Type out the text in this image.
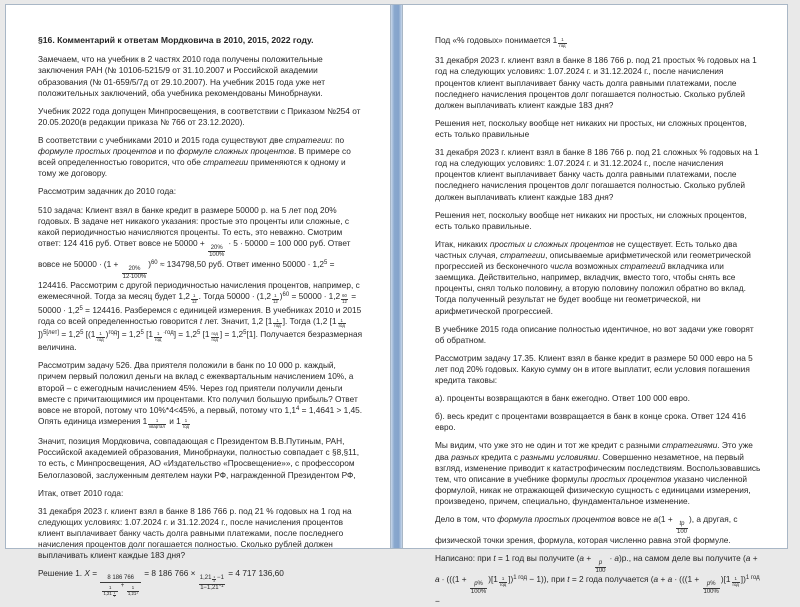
§16. Комментарий к ответам Мордковича в 2010, 2015, 2022 году.

Замечаем, что на учебник в 2 частях 2010 года получены положительные заключения РАН (№ 10106-5215/9 от 31.10.2007 и Российской академии образования (№ 01-659/5/7д от 29.10.2007). На учебник 2015 года уже нет положительных заключений, оба учебника рекомендованы Минобрнауки.

Учебник 2022 года допущен Минпросвещения, в соответствии с Приказом №254 от 20.05.2020(в редакции приказа № 766 от 23.12.2020).

В соответствии с учебниками 2010 и 2015 года существуют две стратегии: по формуле простых процентов и по формуле сложных процентов. В примере со всей определенностью говорится, что обе стратегии применяются к одному и тому же договору.

Рассмотрим задачник до 2010 года:

510 задача: Клиент взял в банке кредит в размере 50000 р. на 5 лет под 20% годовых. В задаче нет никакого указания: простые это проценты или сложные, с какой периодичностью начисляются проценты. То есть, это неважно. Смотрим ответ: 124 416 руб. Ответ вовсе не 50000 +
$\frac{20\%}{100\%}$
∙ 5 ∙ 50000 = 100 000 руб. Ответ вовсе не 50000 ∙ (1 +
$\frac{20\%}{12\cdot 100\%}$
)$^{60}$ ≈ 134798,50 руб. Ответ именно $50000 \cdot 1,2^5 = 124416$. Рассмотрим с другой периодичностью начисления процентов, например, с ежемесячной. Тогда за месяц будет 1,2 $^{\frac{1}{12}}$ . Тогда 50000 ∙ (1,2 $^{\frac{1}{12}}$ )$^{60}$ = 50000 ∙ 1,2 $^{\frac{60}{12}} = 50000 \cdot 1,2^5 = 124416$. Разберемся с единицей измерения. В учебниках 2010 и 2015 года со всей определенностью говорится t лет. Значит, 1,2 [1 $^{\frac{1}{\text{год}}}$ ]. Тогда (1,2 [1 $^{\frac{1}{\text{год}}}$
])$^{5[лет]} = 1,2^5$ [(1 $^{\frac{1}{\text{год}}}$ )$^{год}] = 1,2^5$ [1 $^{\frac{1}{\text{год}} \cdot год}] = 1,2^5$ [1 $^{\frac{\text{год}}{\text{год}}}$ ] = $1,2^5[1]$. Получается безразмерная величина.

Рассмотрим задачу 526. Два приятеля положили в банк по 10 000 р. каждый, причем первый положил деньги на вклад с ежеквартальным начислением 10%, а второй – с ежегодным начислением 45%. Через год приятели получили деньги вместе с причитающимися им процентами. Кто получил большую прибыль? Ответ вовсе не второй, потому что 10%*4<45%, а первый, потому что $1,1^4 = 1,4641 > 1,45$. Опять единица измерения 1 $^{\frac{1}{\text{квартал}}}$ и 1 $^{\frac{1}{\text{год}}}$

Значит, позиция Мордковича, совпадающая с Президентом В.В.Путиным, РАН, Российской академией образования, Минобрнауки, полностью совпадает с §8,§11, то есть, с Минпросвещения, АО «Издательство «Просвещение»», с профессором Белоглазовой, заслуженным деятелем науки РФ, награжденной Президентом РФ,

Итак, ответ 2010 года:

31 декабря 2023 г. клиент взял в банке 8 186 766 р. под 21 % годовых на 1 год на следующих условиях: 1.07.2024 г. и 31.12.2024 г., после начисления процентов клиент выплачивает банку часть долга равными платежами, после последнего начисления процентов долг погашается полностью. Сколько рублей должен выплачивать клиент каждые 183 дня?

Решение 1. X =
8 186 766
1
1,21 $^{\frac{1}{2}}$
+
$\frac{1}{1,21^1}$
= 8 186 766 ×
1,21 $^{\frac{1}{2}}$ −1
$1-1,21^{-1}$
= 4 717 136,60

Под «% годовых» понимается 1 $^{\frac{1}{\text{год}}}$

31 декабря 2023 г. клиент взял в банке 8 186 766 р. под 21 простых % годовых на 1 год на следующих условиях: 1.07.2024 г. и 31.12.2024 г., после начисления процентов клиент выплачивает банку часть долга равными платежами, после последнего начисления процентов долг погашается полностью. Сколько рублей должен выплачивать клиент каждые 183 дня?

Решения нет, поскольку вообще нет никаких ни простых, ни сложных процентов, есть только правильные

31 декабря 2023 г. клиент взял в банке 8 186 766 р. под 21 сложных % годовых на 1 год на следующих условиях: 1.07.2024 г. и 31.12.2024 г., после начисления процентов клиент выплачивает банку часть долга равными платежами, после последнего начисления процентов долг погашается полностью. Сколько рублей должен выплачивать клиент каждые 183 дня?

Решения нет, поскольку вообще нет никаких ни простых, ни сложных процентов, есть только правильные.

Итак, никаких простых и сложных процентов не существует. Есть только два частных случая, стратегии, описываемые арифметической или геометрической прогрессией из бесконечного числа возможных стратегий вкладчика или заемщика. Действительно, например, вкладчик, вместо того, чтобы снять все проценты, снял только половину, а вторую половину положил обратно во вклад. Тогда полученный результат не будет вообще ни геометрической, ни арифметической прогрессией.

В учебнике 2015 года описание полностью идентичное, но вот задачи уже говорят об обратном.

Рассмотрим задачу 17.35. Клиент взял в банке кредит в размере 50 000 евро на 5 лет под 20% годовых. Какую сумму он в итоге выплатит, если условия погашения кредита таковы:

а). проценты возвращаются в банк ежегодно. Ответ 100 000 евро.

б). весь кредит с процентами возвращается в банк в конце срока. Ответ 124 416 евро.

Мы видим, что уже это не один и тот же кредит с разными стратегиями. Это уже два разных кредита с разными условиями. Совершенно незаметное, на первый взгляд, изменение приводит к катастрофическим последствиям. Воспользовавшись тем, что описание в учебнике формулы простых процентов указано численной формулой, никак не отражающей физическую сущность с единицами измерения, произведено, причем, специально, фундаментальное изменение.

Дело в том, что формула простых процентов вовсе не a(1 +
$\frac{tp}{100}$
), а другая, с физической точки зрения, формула, которая численно равна этой формуле.

Написано: при t = 1 год вы получите (a +
$\frac{p}{100}$
∙ a)р., на самом деле вы получите (a + a ∙ (((1 +
$\frac{p\%}{100\%}$
)[1 $^{\frac{1}{\text{год}}}$ ])$^{1 год}$ − 1)), при t = 2 года получается (a + a ∙ (((1 +
$\frac{p\%}{100\%}$
)[1 $^{\frac{1}{\text{год}}}$ ])$^{1 год}$ −
